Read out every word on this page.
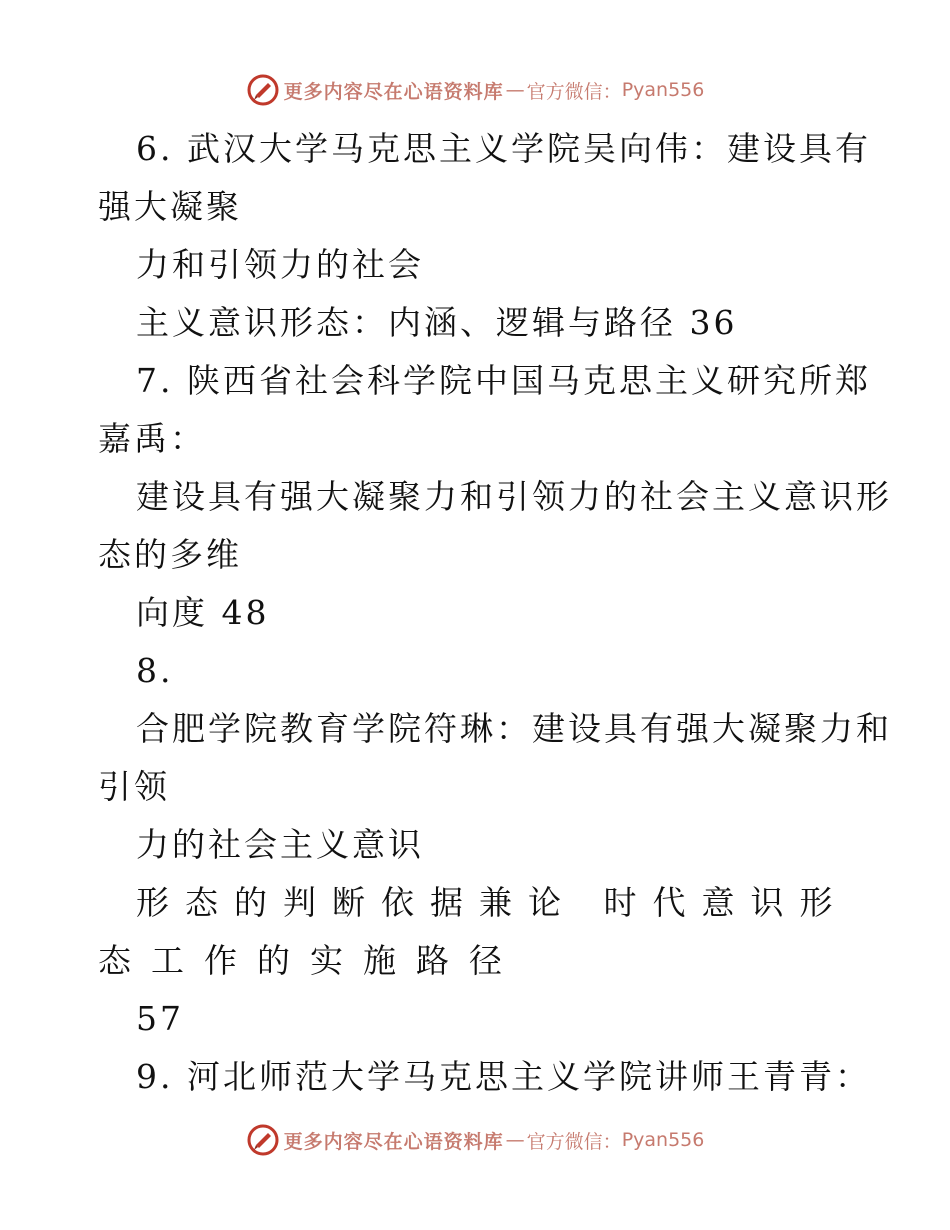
更多内容尽在心语资料库 — 官方微信： Pyan556
6. 武汉大学马克思主义学院吴向伟：建设具有
强大凝聚
力和引领力的社会
主义意识形态：内涵、逻辑与路径 36
7. 陕西省社会科学院中国马克思主义研究所郑
嘉禹：
建设具有强大凝聚力和引领力的社会主义意识形
态的多维
向度 48
8.
合肥学院教育学院符琳：建设具有强大凝聚力和
引领
力的社会主义意识
形态的判断依据兼论 时代意识形
态工作的实施路径
57
9. 河北师范大学马克思主义学院讲师王青青：
更多内容尽在心语资料库 — 官方微信： Pyan556
